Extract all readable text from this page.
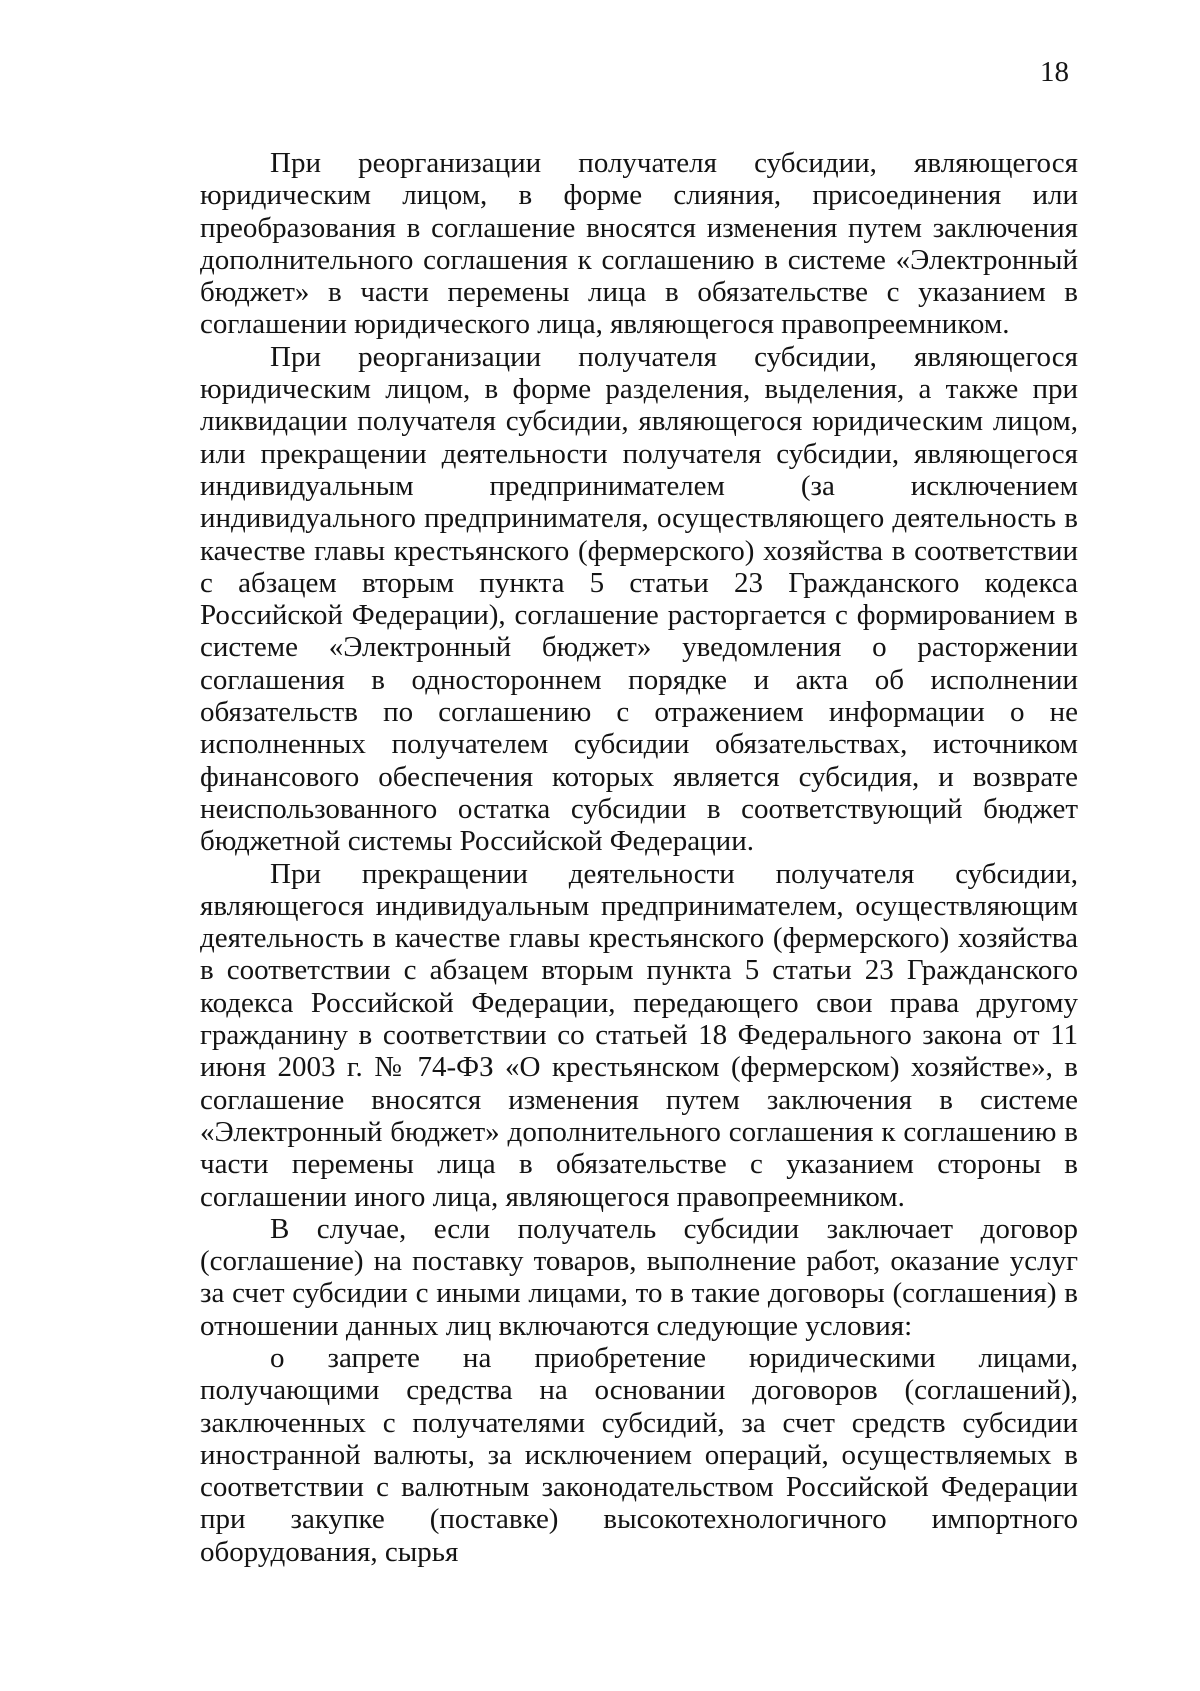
18

При реорганизации получателя субсидии, являющегося юридическим лицом, в форме слияния, присоединения или преобразования в соглашение вносятся изменения путем заключения дополнительного соглашения к соглашению в системе «Электронный бюджет» в части перемены лица в обязательстве с указанием в соглашении юридического лица, являющегося правопреемником.

При реорганизации получателя субсидии, являющегося юридическим лицом, в форме разделения, выделения, а также при ликвидации получателя субсидии, являющегося юридическим лицом, или прекращении деятельности получателя субсидии, являющегося индивидуальным предпринимателем (за исключением индивидуального предпринимателя, осуществляющего деятельность в качестве главы крестьянского (фермерского) хозяйства в соответствии с абзацем вторым пункта 5 статьи 23 Гражданского кодекса Российской Федерации), соглашение расторгается с формированием в системе «Электронный бюджет» уведомления о расторжении соглашения в одностороннем порядке и акта об исполнении обязательств по соглашению с отражением информации о не исполненных получателем субсидии обязательствах, источником финансового обеспечения которых является субсидия, и возврате неиспользованного остатка субсидии в соответствующий бюджет бюджетной системы Российской Федерации.

При прекращении деятельности получателя субсидии, являющегося индивидуальным предпринимателем, осуществляющим деятельность в качестве главы крестьянского (фермерского) хозяйства в соответствии с абзацем вторым пункта 5 статьи 23 Гражданского кодекса Российской Федерации, передающего свои права другому гражданину в соответствии со статьей 18 Федерального закона от 11 июня 2003 г. № 74-ФЗ «О крестьянском (фермерском) хозяйстве», в соглашение вносятся изменения путем заключения в системе «Электронный бюджет» дополнительного соглашения к соглашению в части перемены лица в обязательстве с указанием стороны в соглашении иного лица, являющегося правопреемником.

В случае, если получатель субсидии заключает договор (соглашение) на поставку товаров, выполнение работ, оказание услуг за счет субсидии с иными лицами, то в такие договоры (соглашения) в отношении данных лиц включаются следующие условия:

о запрете на приобретение юридическими лицами, получающими средства на основании договоров (соглашений), заключенных с получателями субсидий, за счет средств субсидии иностранной валюты, за исключением операций, осуществляемых в соответствии с валютным законодательством Российской Федерации при закупке (поставке) высокотехнологичного импортного оборудования, сырья
